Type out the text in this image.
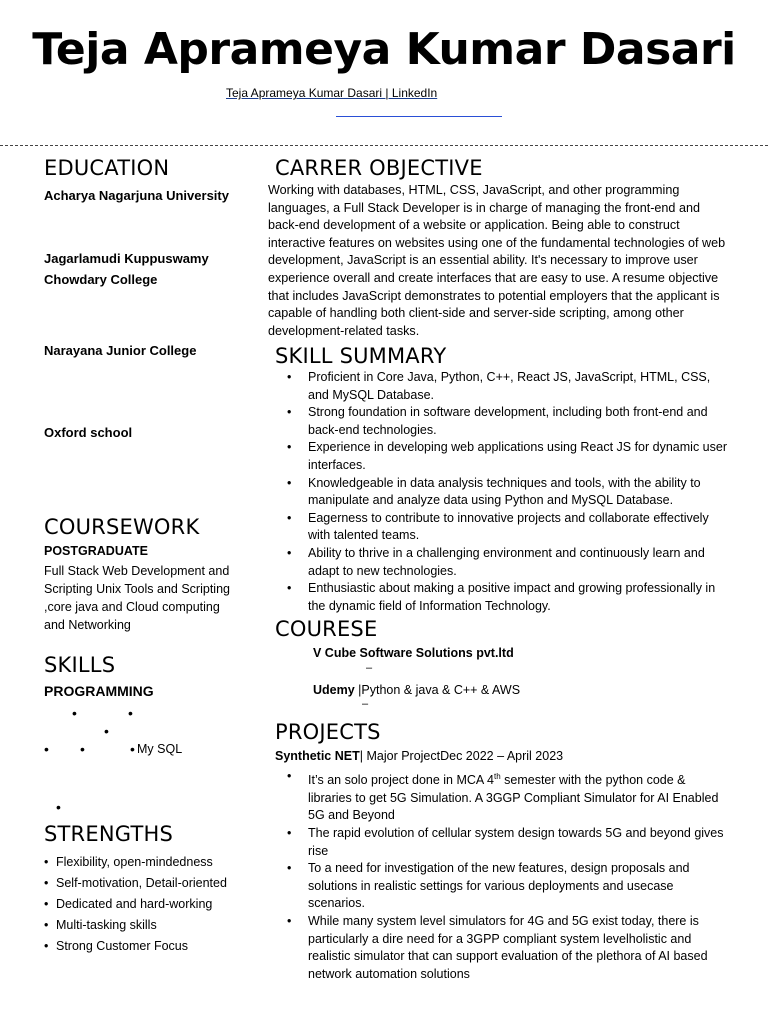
Teja Aprameya Kumar Dasari
Teja Aprameya Kumar Dasari | LinkedIn
EDUCATION
Acharya Nagarjuna University
Jagarlamudi Kuppuswamy Chowdary College
Narayana Junior College
Oxford school
COURSEWORK
POSTGRADUATE
Full Stack Web Development and Scripting Unix Tools and Scripting ,core java and Cloud computing and Networking
SKILLS
PROGRAMMING
•	•
•
• •	• My SQL
•
STRENGTHS
• Flexibility, open-mindedness
• Self-motivation, Detail-oriented
• Dedicated and hard-working
• Multi-tasking skills
• Strong Customer Focus
CARRER OBJECTIVE
Working with databases, HTML, CSS, JavaScript, and other programming languages, a Full Stack Developer is in charge of managing the front-end and back-end development of a website or application. Being able to construct interactive features on websites using one of the fundamental technologies of web development, JavaScript is an essential ability. It's necessary to improve user experience overall and create interfaces that are easy to use. A resume objective that includes JavaScript demonstrates to potential employers that the applicant is capable of handling both client-side and server-side scripting, among other development-related tasks.
SKILL SUMMARY
• Proficient in Core Java, Python, C++, React JS, JavaScript, HTML, CSS, and MySQL Database.
• Strong foundation in software development, including both front-end and back-end technologies.
• Experience in developing web applications using React JS for dynamic user interfaces.
• Knowledgeable in data analysis techniques and tools, with the ability to manipulate and analyze data using Python and MySQL Database.
• Eagerness to contribute to innovative projects and collaborate effectively with talented teams.
• Ability to thrive in a challenging environment and continuously learn and adapt to new technologies.
• Enthusiastic about making a positive impact and growing professionally in the dynamic field of Information Technology.
COURESE
V Cube Software Solutions pvt.ltd
–
Udemy |Python & java & C++ & AWS
–
PROJECTS
Synthetic NET| Major ProjectDec 2022 – April 2023
• It’s an solo project done in MCA 4th semester with the python code & libraries to get 5G Simulation. A 3GGP Compliant Simulator for AI Enabled 5G and Beyond
• The rapid evolution of cellular system design towards 5G and beyond gives rise
• To a need for investigation of the new features, design proposals and solutions in realistic settings for various deployments and usecase scenarios.
• While many system level simulators for 4G and 5G exist today, there is particularly a dire need for a 3GPP compliant system levelholistic and realistic simulator that can support evaluation of the plethora of AI based network automation solutions
